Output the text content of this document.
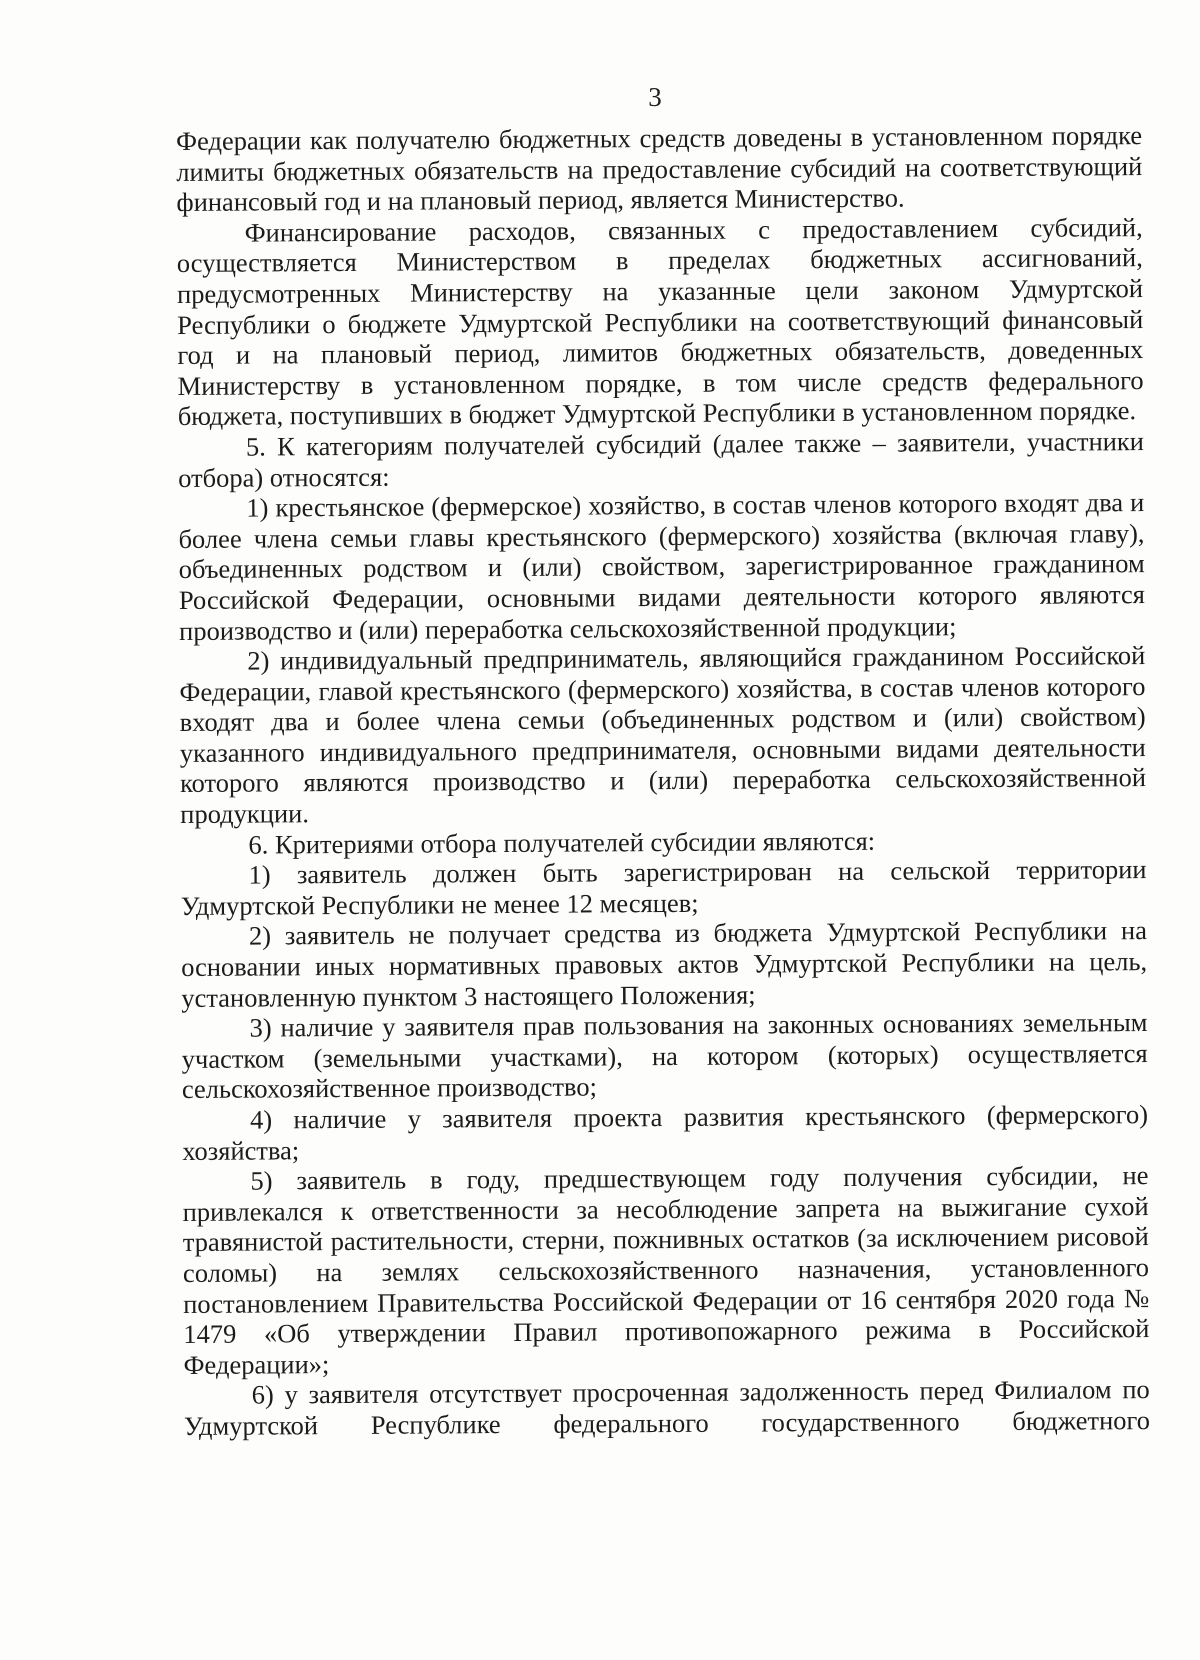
3

Федерации как получателю бюджетных средств доведены в установленном порядке лимиты бюджетных обязательств на предоставление субсидий на соответствующий финансовый год и на плановый период, является Министерство.

Финансирование расходов, связанных с предоставлением субсидий, осуществляется Министерством в пределах бюджетных ассигнований, предусмотренных Министерству на указанные цели законом Удмуртской Республики о бюджете Удмуртской Республики на соответствующий финансовый год и на плановый период, лимитов бюджетных обязательств, доведенных Министерству в установленном порядке, в том числе средств федерального бюджета, поступивших в бюджет Удмуртской Республики в установленном порядке.

5. К категориям получателей субсидий (далее также – заявители, участники отбора) относятся:

1) крестьянское (фермерское) хозяйство, в состав членов которого входят два и более члена семьи главы крестьянского (фермерского) хозяйства (включая главу), объединенных родством и (или) свойством, зарегистрированное гражданином Российской Федерации, основными видами деятельности которого являются производство и (или) переработка сельскохозяйственной продукции;

2) индивидуальный предприниматель, являющийся гражданином Российской Федерации, главой крестьянского (фермерского) хозяйства, в состав членов которого входят два и более члена семьи (объединенных родством и (или) свойством) указанного индивидуального предпринимателя, основными видами деятельности которого являются производство и (или) переработка сельскохозяйственной продукции.

6. Критериями отбора получателей субсидии являются:

1) заявитель должен быть зарегистрирован на сельской территории Удмуртской Республики не менее 12 месяцев;

2) заявитель не получает средства из бюджета Удмуртской Республики на основании иных нормативных правовых актов Удмуртской Республики на цель, установленную пунктом 3 настоящего Положения;

3) наличие у заявителя прав пользования на законных основаниях земельным участком (земельными участками), на котором (которых) осуществляется сельскохозяйственное производство;

4) наличие у заявителя проекта развития крестьянского (фермерского) хозяйства;

5) заявитель в году, предшествующем году получения субсидии, не привлекался к ответственности за несоблюдение запрета на выжигание сухой травянистой растительности, стерни, пожнивных остатков (за исключением рисовой соломы) на землях сельскохозяйственного назначения, установленного постановлением Правительства Российской Федерации от 16 сентября 2020 года № 1479 «Об утверждении Правил противопожарного режима в Российской Федерации»;

6) у заявителя отсутствует просроченная задолженность перед Филиалом по Удмуртской Республике федерального государственного бюджетного
